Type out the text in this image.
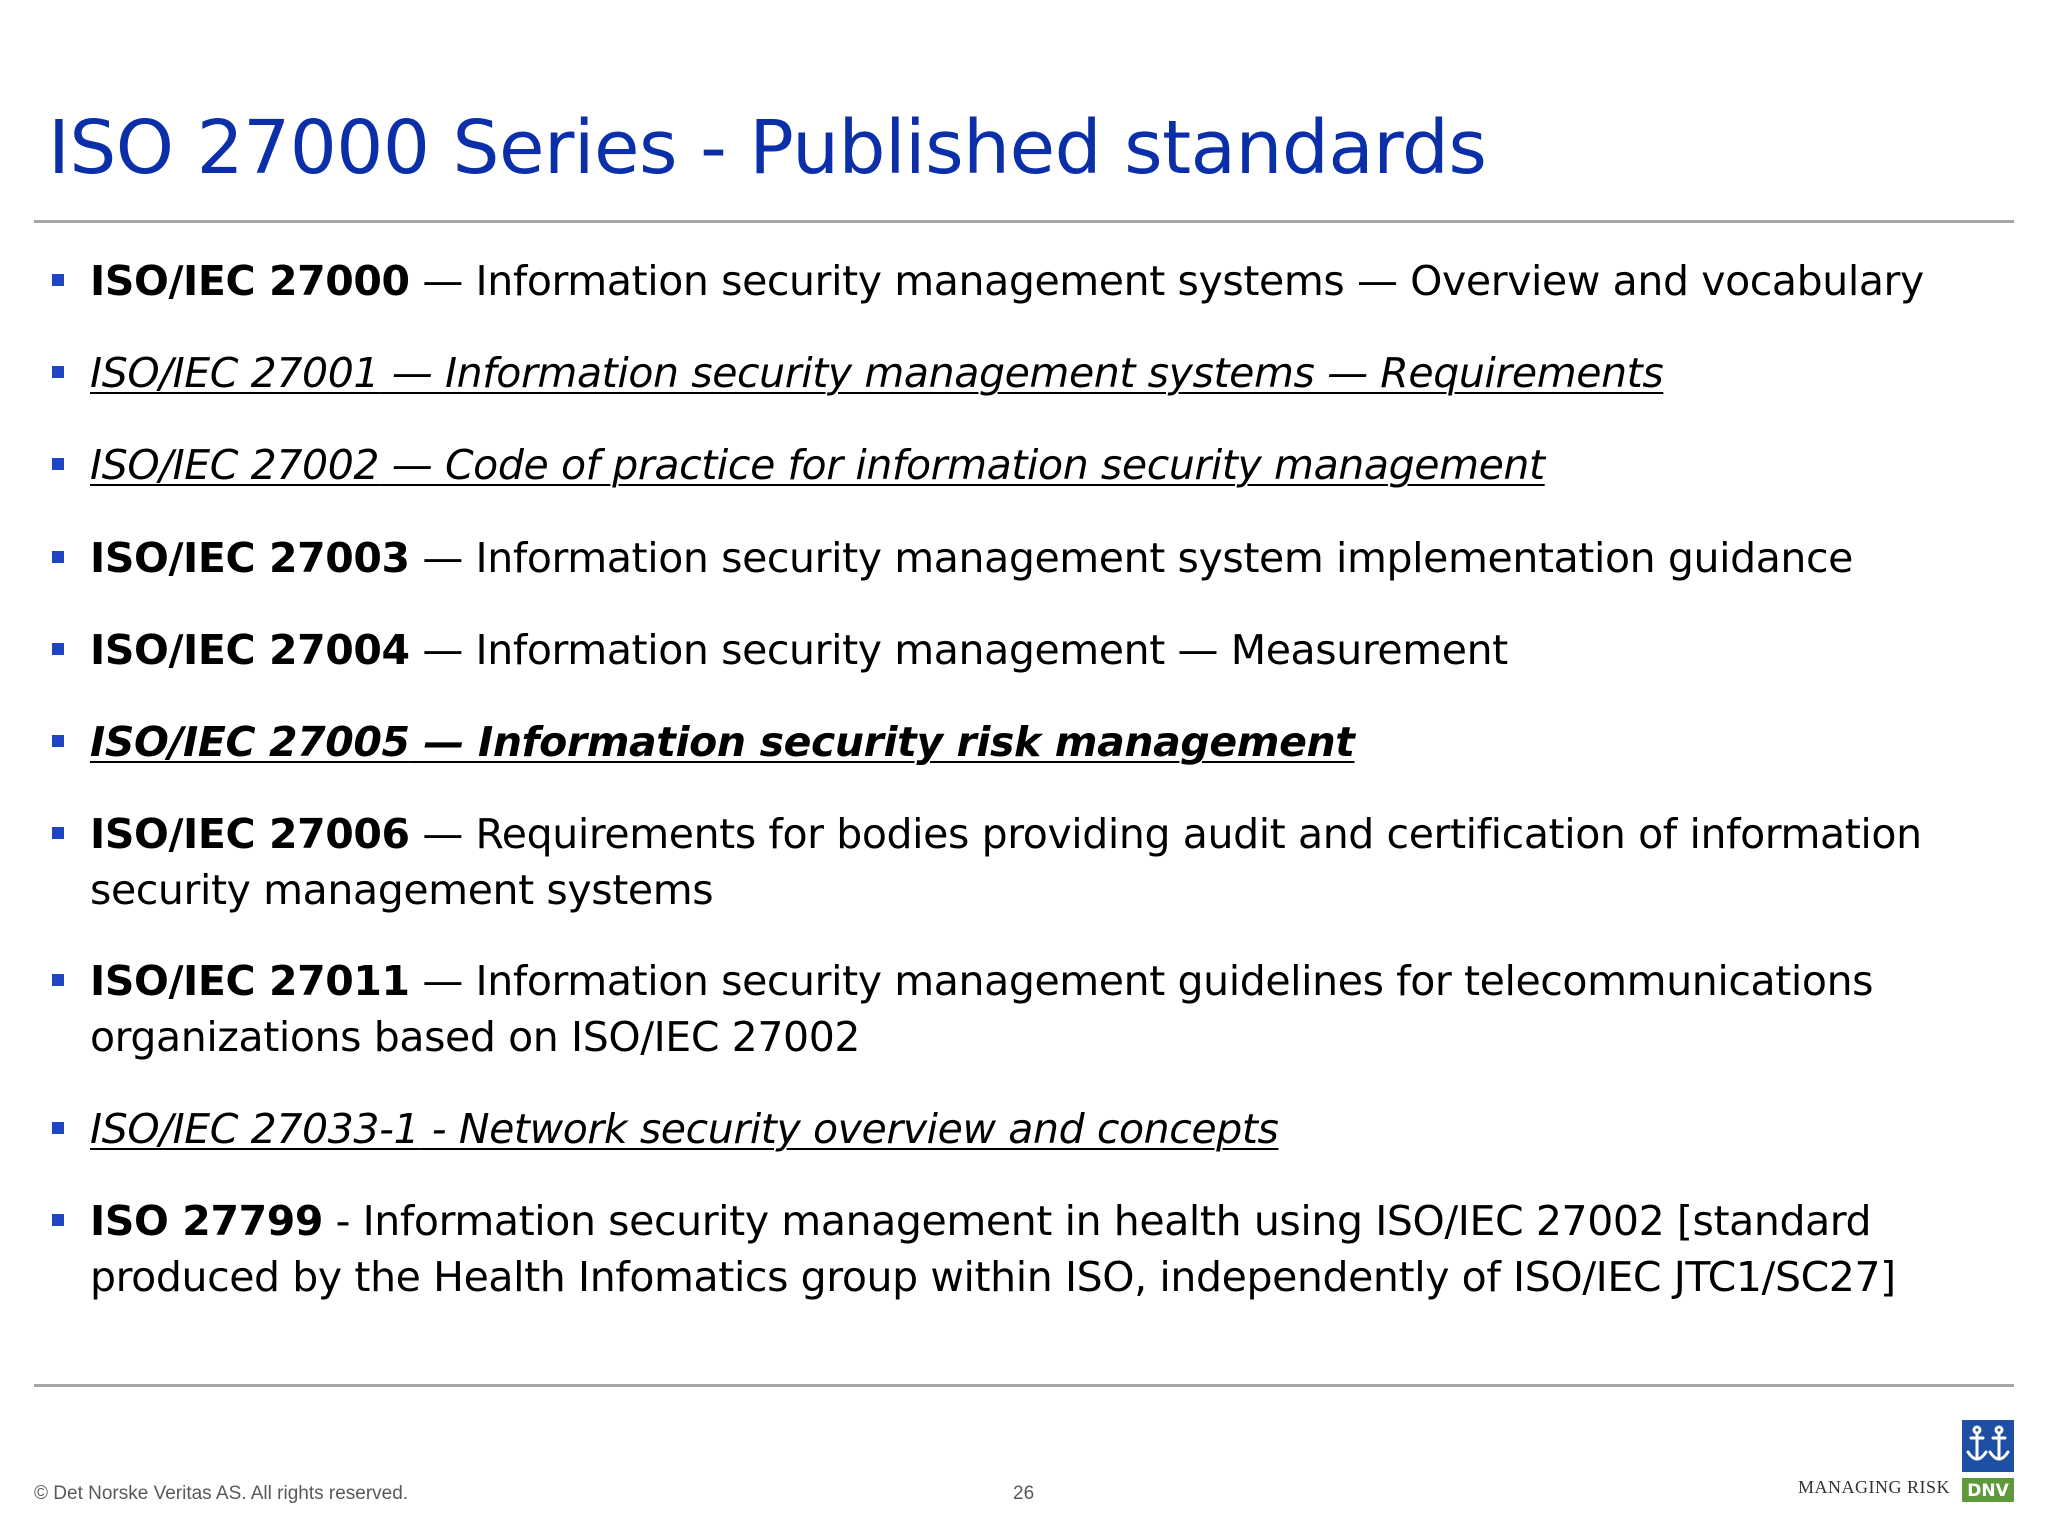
ISO 27000 Series - Published standards
ISO/IEC 27000 — Information security management systems — Overview and vocabulary
ISO/IEC 27001 — Information security management systems — Requirements
ISO/IEC 27002 — Code of practice for information security management
ISO/IEC 27003 — Information security management system implementation guidance
ISO/IEC 27004 — Information security management — Measurement
ISO/IEC 27005 — Information security risk management
ISO/IEC 27006 — Requirements for bodies providing audit and certification of information security management systems
ISO/IEC 27011 — Information security management guidelines for telecommunications organizations based on ISO/IEC 27002
ISO/IEC 27033-1 - Network security overview and concepts
ISO 27799 - Information security management in health using ISO/IEC 27002 [standard produced by the Health Infomatics group within ISO, independently of ISO/IEC JTC1/SC27]
© Det Norske Veritas AS. All rights reserved.	26	MANAGING RISK DNV
